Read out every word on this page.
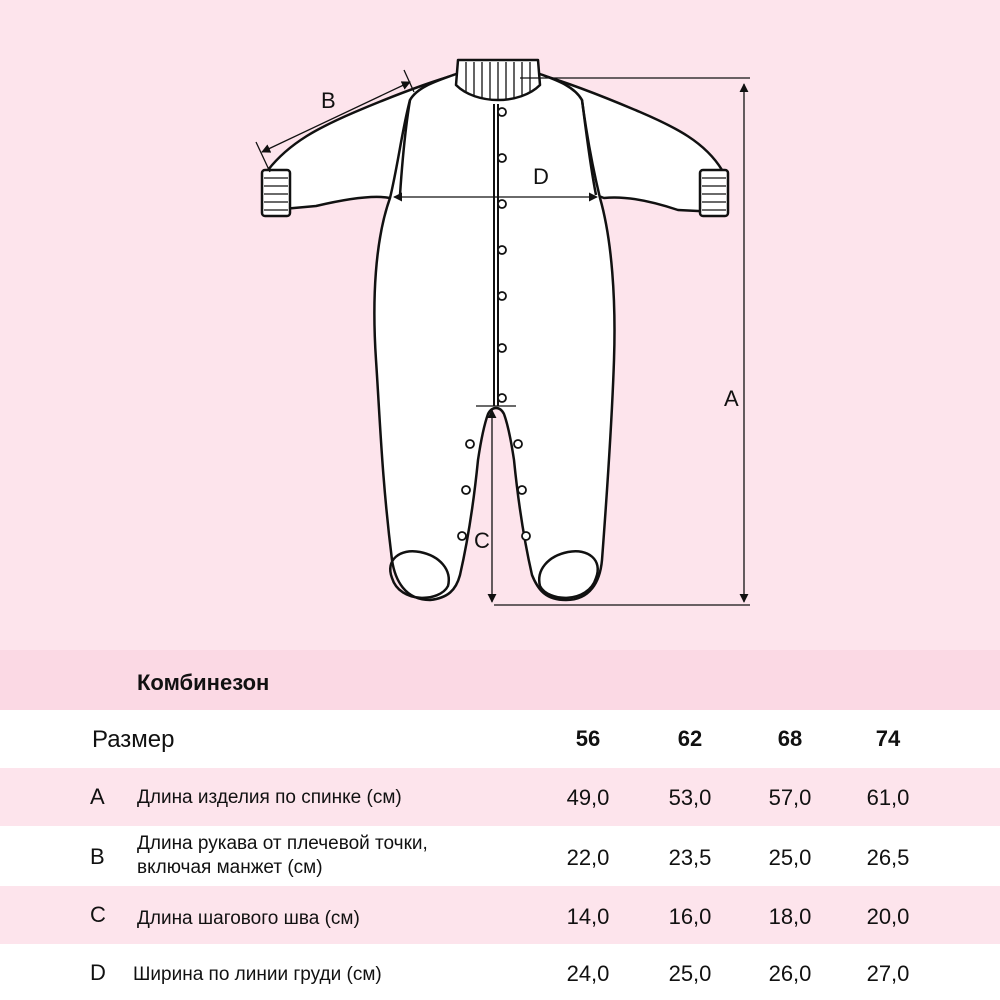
A
B
C
D
Комбинезон
Размер	56	62	68	74
A Длина изделия по спинке (см)	49,0	53,0	57,0	61,0
B
Длина рукава от плечевой точки,
включая манжет (см)	22,0	23,5	25,0	26,5
C Длина шагового шва (см)	14,0	16,0	18,0	20,0
D Ширина по линии груди (см)	24,0	25,0	26,0	27,0
